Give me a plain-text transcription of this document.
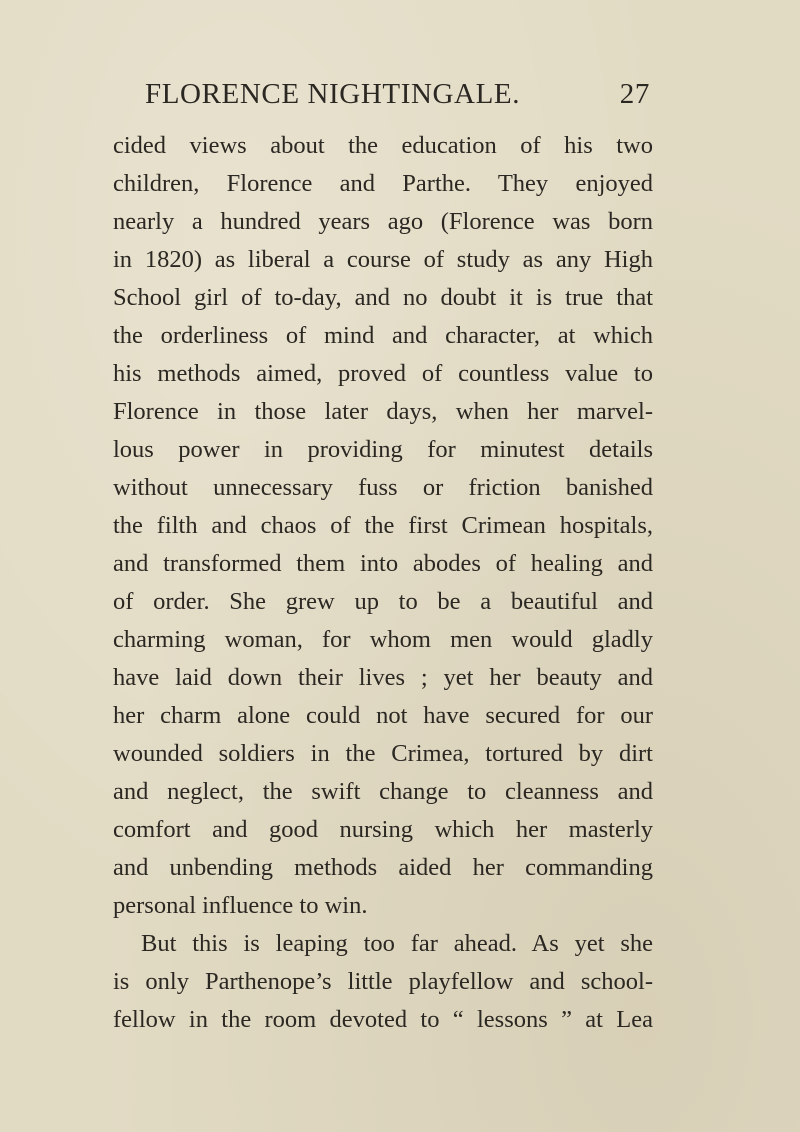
FLORENCE NIGHTINGALE.	27
cided views about the education of his two
children, Florence and Parthe. They enjoyed
nearly a hundred years ago (Florence was born
in 1820) as liberal a course of study as any High
School girl of to-day, and no doubt it is true that
the orderliness of mind and character, at which
his methods aimed, proved of countless value to
Florence in those later days, when her marvel-
lous power in providing for minutest details
without unnecessary fuss or friction banished
the filth and chaos of the first Crimean hospitals,
and transformed them into abodes of healing and
of order. She grew up to be a beautiful and
charming woman, for whom men would gladly
have laid down their lives ; yet her beauty and
her charm alone could not have secured for our
wounded soldiers in the Crimea, tortured by dirt
and neglect, the swift change to cleanness and
comfort and good nursing which her masterly
and unbending methods aided her commanding
personal influence to win.
But this is leaping too far ahead. As yet she
is only Parthenope’s little playfellow and school-
fellow in the room devoted to “ lessons ” at Lea
